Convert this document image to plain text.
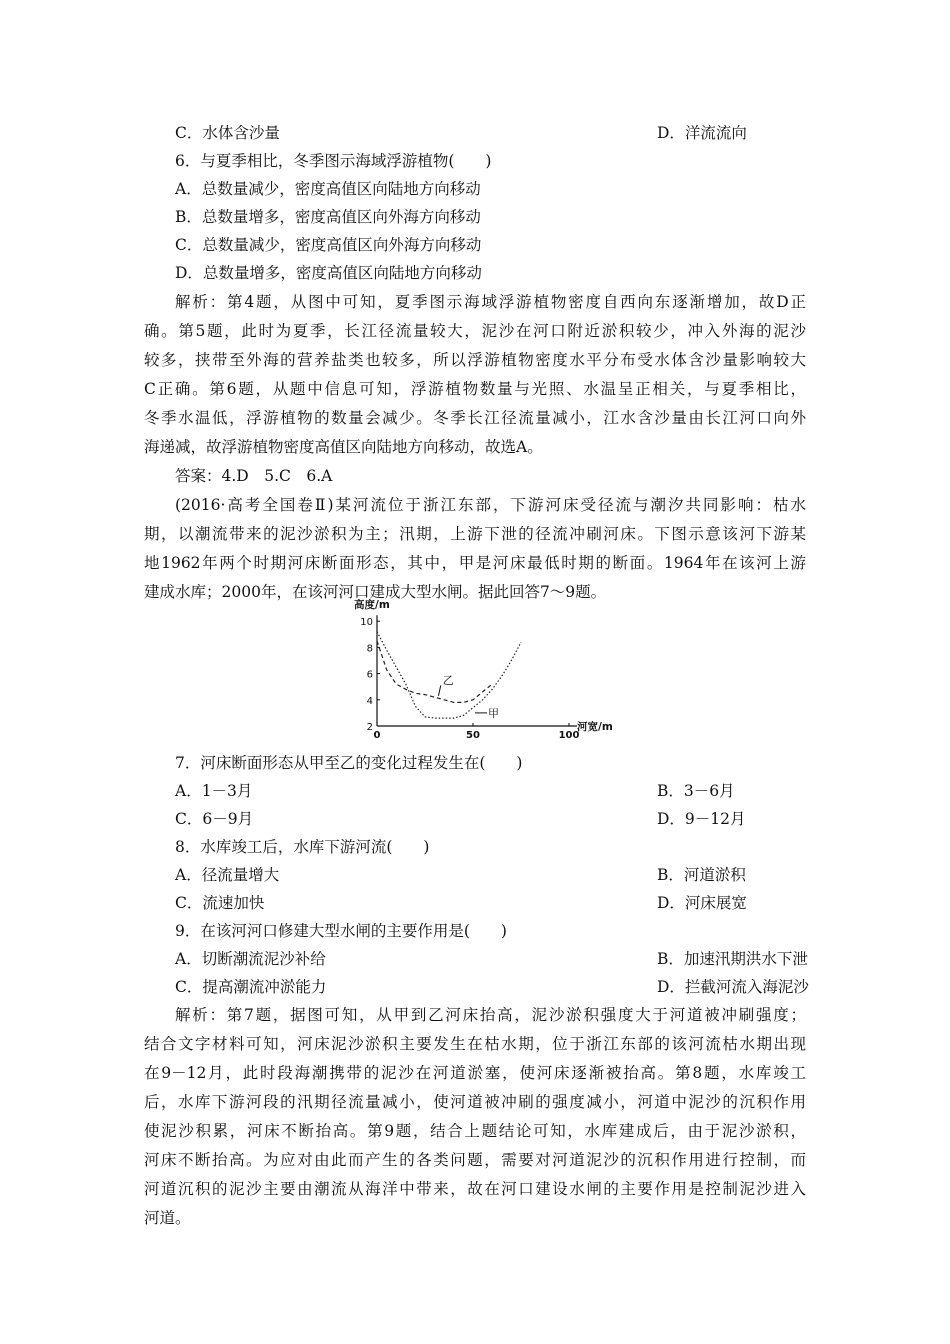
C．水体含沙量	D．洋流流向
6．与夏季相比，冬季图示海域浮游植物(　　)
A．总数量减少，密度高值区向陆地方向移动
B．总数量增多，密度高值区向外海方向移动
C．总数量减少，密度高值区向外海方向移动
D．总数量增多，密度高值区向陆地方向移动
解析：第4题，从图中可知，夏季图示海域浮游植物密度自西向东逐渐增加，故D正
确。第5题，此时为夏季，长江径流量较大，泥沙在河口附近淤积较少，冲入外海的泥沙
较多，挟带至外海的营养盐类也较多，所以浮游植物密度水平分布受水体含沙量影响较大
C正确。第6题，从题中信息可知，浮游植物数量与光照、水温呈正相关，与夏季相比，
冬季水温低，浮游植物的数量会减少。冬季长江径流量减小，江水含沙量由长江河口向外
海递减，故浮游植物密度高值区向陆地方向移动，故选A。
答案：4.D　5.C　6.A
(2016·高考全国卷Ⅱ)某河流位于浙江东部，下游河床受径流与潮汐共同影响：枯水
期，以潮流带来的泥沙淤积为主；汛期，上游下泄的径流冲刷河床。下图示意该河下游某
地1962年两个时期河床断面形态，其中，甲是河床最低时期的断面。1964年在该河上游
建成水库；2000年，在该河河口建成大型水闸。据此回答7～9题。
2
4
6
8
10
0	50	100
高度/m
河宽/m
乙
甲
7．河床断面形态从甲至乙的变化过程发生在(　　)
A．1－3月	B．3－6月
C．6－9月	D．9－12月
8．水库竣工后，水库下游河流(　　)
A．径流量增大	B．河道淤积
C．流速加快	D．河床展宽
9．在该河河口修建大型水闸的主要作用是(　　)
A．切断潮流泥沙补给	B．加速汛期洪水下泄
C．提高潮流冲淤能力	D．拦截河流入海泥沙
解析：第7题，据图可知，从甲到乙河床抬高，泥沙淤积强度大于河道被冲刷强度；
结合文字材料可知，河床泥沙淤积主要发生在枯水期，位于浙江东部的该河流枯水期出现
在9－12月，此时段海潮携带的泥沙在河道淤塞，使河床逐渐被抬高。第8题，水库竣工
后，水库下游河段的汛期径流量减小，使河道被冲刷的强度减小，河道中泥沙的沉积作用
使泥沙积累，河床不断抬高。第9题，结合上题结论可知，水库建成后，由于泥沙淤积，
河床不断抬高。为应对由此而产生的各类问题，需要对河道泥沙的沉积作用进行控制，而
河道沉积的泥沙主要由潮流从海洋中带来，故在河口建设水闸的主要作用是控制泥沙进入
河道。
